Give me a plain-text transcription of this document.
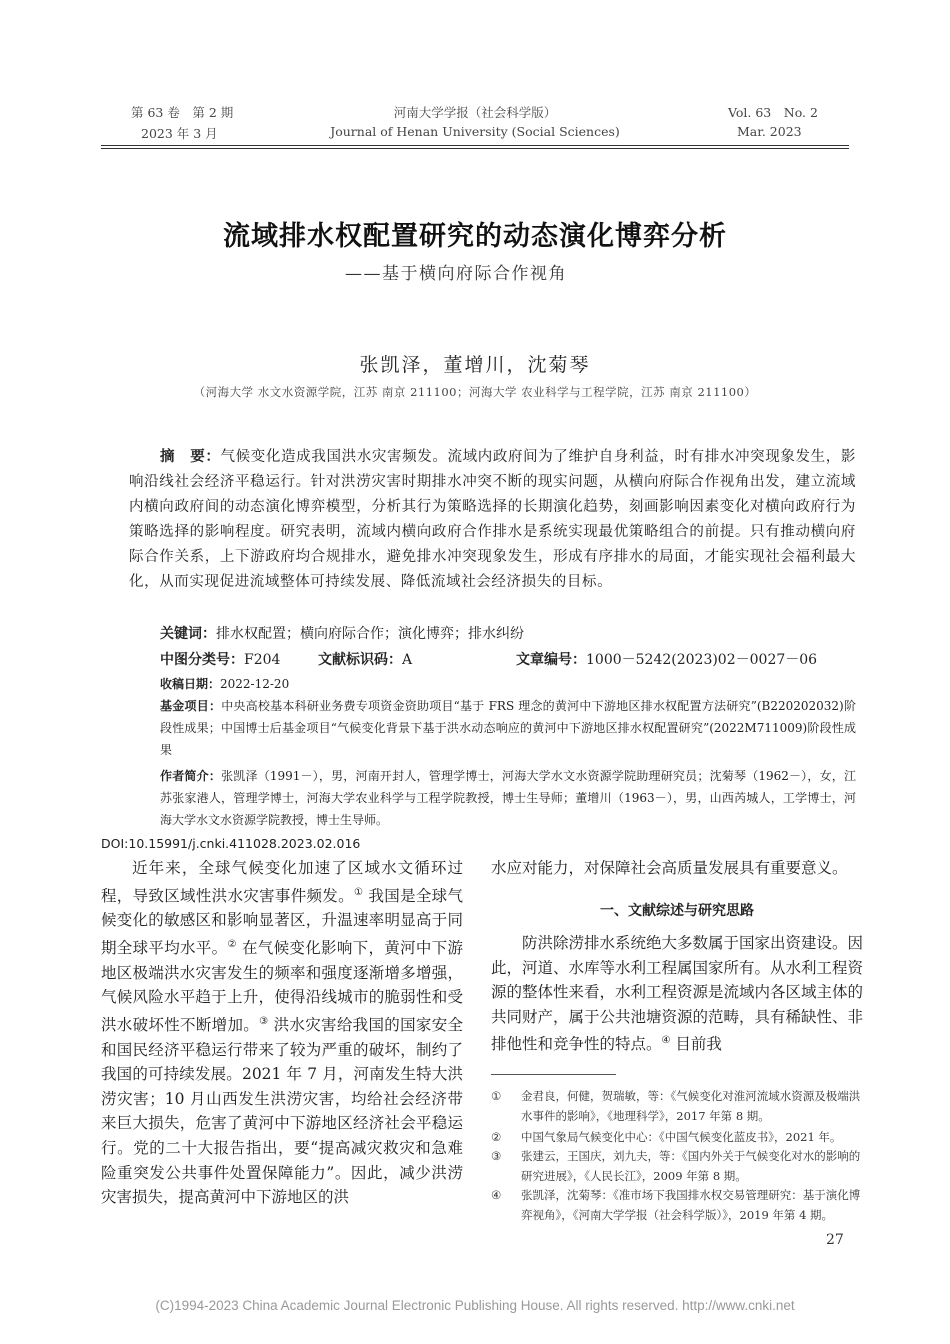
第 63 卷　第 2 期
2023 年 3 月
河南大学学报（社会科学版）
Journal of Henan University (Social Sciences)
Vol. 63　No. 2
Mar. 2023
流域排水权配置研究的动态演化博弈分析
——基于横向府际合作视角
张凯泽，董增川，沈菊琴
（河海大学 水文水资源学院，江苏 南京 211100；河海大学 农业科学与工程学院，江苏 南京 211100）
摘　要：气候变化造成我国洪水灾害频发。流域内政府间为了维护自身利益，时有排水冲突现象发生，影响沿线社会经济平稳运行。针对洪涝灾害时期排水冲突不断的现实问题，从横向府际合作视角出发，建立流域内横向政府间的动态演化博弈模型，分析其行为策略选择的长期演化趋势，刻画影响因素变化对横向政府行为策略选择的影响程度。研究表明，流域内横向政府合作排水是系统实现最优策略组合的前提。只有推动横向府际合作关系，上下游政府均合规排水，避免排水冲突现象发生，形成有序排水的局面，才能实现社会福利最大化，从而实现促进流域整体可持续发展、降低流域社会经济损失的目标。
关键词：排水权配置；横向府际合作；演化博弈；排水纠纷
中图分类号：F204	文献标识码：A	文章编号：1000－5242(2023)02－0027－06
收稿日期：2022-12-20
基金项目：中央高校基本科研业务费专项资金资助项目“基于 FRS 理念的黄河中下游地区排水权配置方法研究”(B220202032)阶段性成果；中国博士后基金项目“气候变化背景下基于洪水动态响应的黄河中下游地区排水权配置研究”(2022M711009)阶段性成果
作者简介：张凯泽（1991－），男，河南开封人，管理学博士，河海大学水文水资源学院助理研究员；沈菊琴（1962－），女，江苏张家港人，管理学博士，河海大学农业科学与工程学院教授，博士生导师；董增川（1963－），男，山西芮城人，工学博士，河海大学水文水资源学院教授，博士生导师。
DOI:10.15991/j.cnki.411028.2023.02.016

近年来，全球气候变化加速了区域水文循环过程，导致区域性洪水灾害事件频发。① 我国是全球气候变化的敏感区和影响显著区，升温速率明显高于同期全球平均水平。② 在气候变化影响下，黄河中下游地区极端洪水灾害发生的频率和强度逐渐增多增强，气候风险水平趋于上升，使得沿线城市的脆弱性和受洪水破坏性不断增加。③ 洪水灾害给我国的国家安全和国民经济平稳运行带来了较为严重的破坏，制约了我国的可持续发展。2021 年 7 月，河南发生特大洪涝灾害；10 月山西发生洪涝灾害，均给社会经济带来巨大损失，危害了黄河中下游地区经济社会平稳运行。党的二十大报告指出，要“提高减灾救灾和急难险重突发公共事件处置保障能力”。因此，减少洪涝灾害损失，提高黄河中下游地区的洪

水应对能力，对保障社会高质量发展具有重要意义。

一、文献综述与研究思路

防洪除涝排水系统绝大多数属于国家出资建设。因此，河道、水库等水利工程属国家所有。从水利工程资源的整体性来看，水利工程资源是流域内各区域主体的共同财产，属于公共池塘资源的范畴，具有稀缺性、非排他性和竞争性的特点。④ 目前我

① 金君良，何健，贺瑞敏，等：《气候变化对淮河流域水资源及极端洪水事件的影响》，《地理科学》，2017 年第 8 期。
② 中国气象局气候变化中心：《中国气候变化蓝皮书》，2021 年。
③ 张建云，王国庆，刘九夫，等：《国内外关于气候变化对水的影响的研究进展》，《人民长江》，2009 年第 8 期。
④ 张凯泽，沈菊琴：《准市场下我国排水权交易管理研究：基于演化博弈视角》，《河南大学学报（社会科学版）》，2019 年第 4 期。
27
(C)1994-2023 China Academic Journal Electronic Publishing House. All rights reserved. http://www.cnki.net
